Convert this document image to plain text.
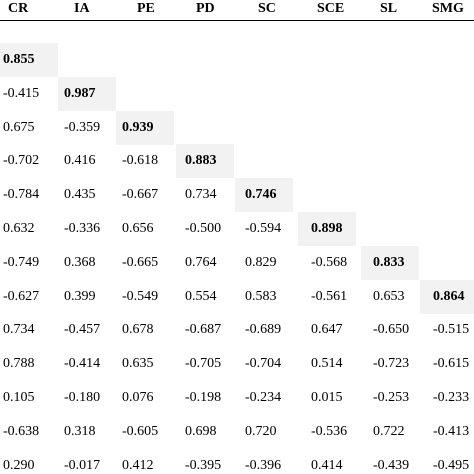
CR	IA	PE	PD	SC	SCE	SL SMG
0.855
-0.415 0.987
0.675 -0.359 0.939
-0.702 0.416 -0.618 0.883
-0.784 0.435 -0.667 0.734 0.746
0.632 -0.336 0.656 -0.500 -0.594 0.898
-0.749 0.368 -0.665 0.764 0.829 -0.568 0.833
-0.627 0.399 -0.549 0.554 0.583 -0.561 0.653 0.864
0.734 -0.457 0.678 -0.687 -0.689 0.647 -0.650 -0.515
0.788 -0.414 0.635 -0.705 -0.704 0.514 -0.723 -0.615
0.105 -0.180 0.076 -0.198 -0.234 0.015 -0.253 -0.233
-0.638 0.318 -0.605 0.698 0.720 -0.536 0.722 -0.413
0.290 -0.017 0.412 -0.395 -0.396 0.414 -0.439 -0.495
